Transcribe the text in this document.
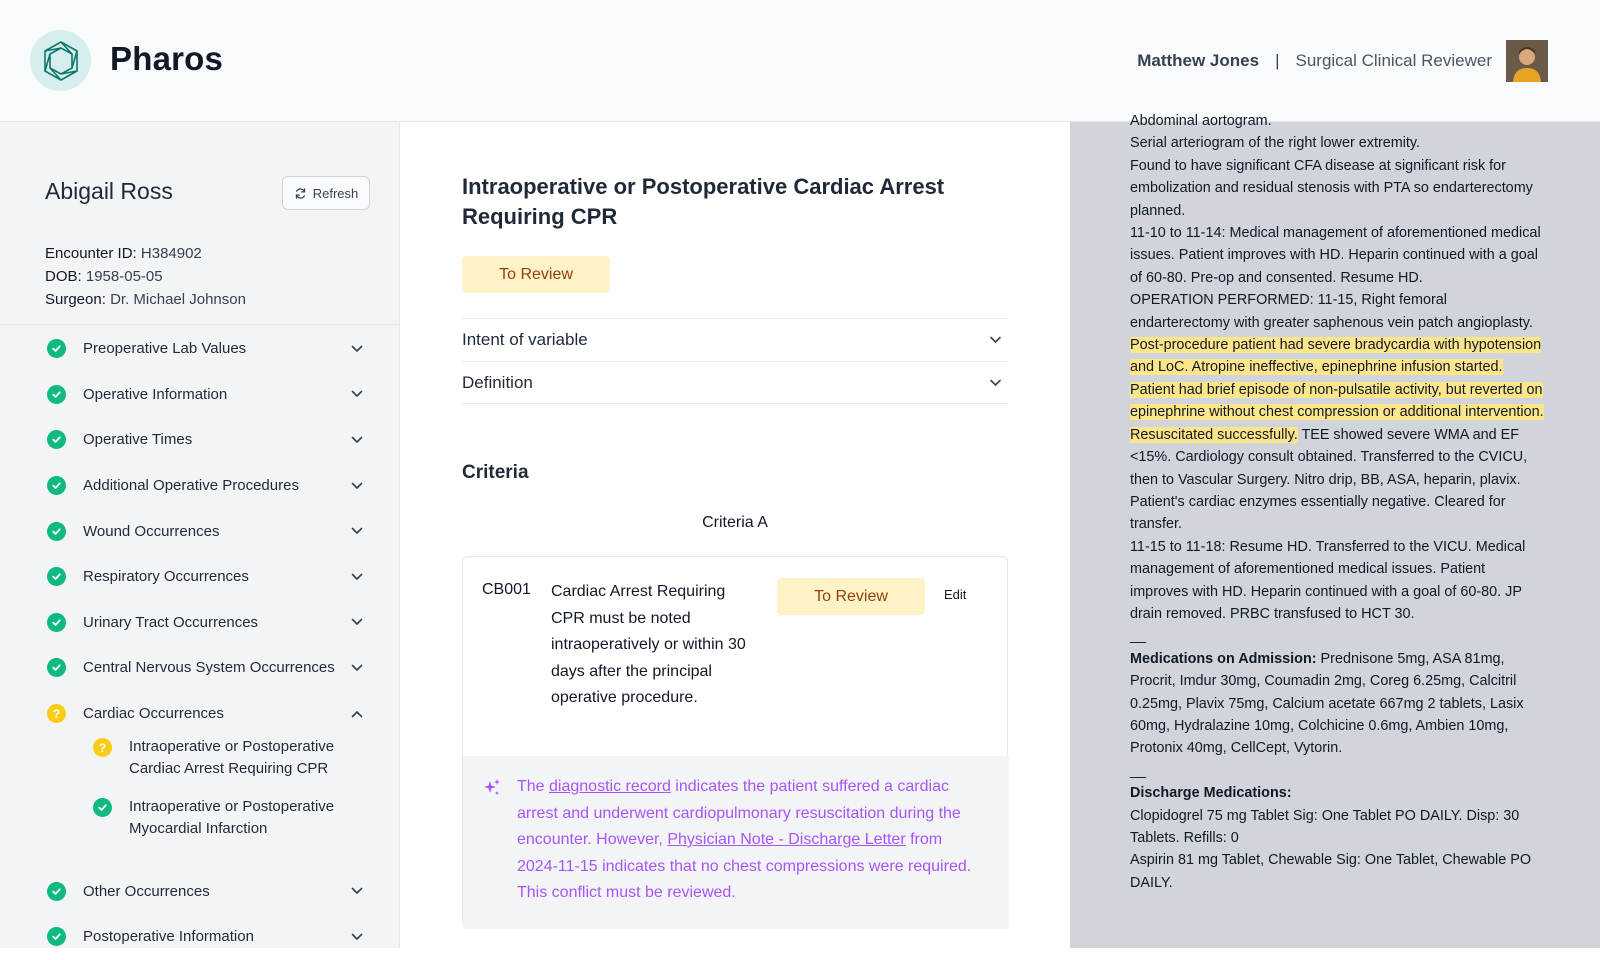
Pharos	Matthew Jones | Surgical Clinical Reviewer
Abigail Ross	Refresh
Encounter ID: H384902
DOB: 1958-05-05
Surgeon: Dr. Michael Johnson
Preoperative Lab Values
Operative Information
Operative Times
Additional Operative Procedures
Wound Occurrences
Respiratory Occurrences
Urinary Tract Occurrences
Central Nervous System Occurrences
?	Cardiac Occurrences
?	Intraoperative or Postoperative Cardiac Arrest Requiring CPR
Intraoperative or Postoperative Myocardial Infarction
Other Occurrences
Postoperative Information
Intraoperative or Postoperative Cardiac Arrest Requiring CPR
To Review
Intent of variable
Definition
Criteria
Criteria A
CB001 Cardiac Arrest Requiring CPR must be noted intraoperatively or within 30 days after the principal operative procedure.
To Review	Edit
The diagnostic record indicates the patient suffered a cardiac arrest and underwent cardiopulmonary resuscitation during the encounter. However, Physician Note - Discharge Letter from 2024-11-15 indicates that no chest compressions were required. This conflict must be reviewed.

Abdominal aortogram.

Serial arteriogram of the right lower extremity.

Found to have significant CFA disease at significant risk for embolization and residual stenosis with PTA so endarterectomy planned.

11-10 to 11-14: Medical management of aforementioned medical issues. Patient improves with HD. Heparin continued with a goal of 60-80. Pre-op and consented. Resume HD.

OPERATION PERFORMED: 11-15, Right femoral endarterectomy with greater saphenous vein patch angioplasty. Post-procedure patient had severe bradycardia with hypotension and LoC. Atropine ineffective, epinephrine infusion started. Patient had brief episode of non-pulsatile activity, but reverted on epinephrine without chest compression or additional intervention. Resuscitated successfully. TEE showed severe WMA and EF <15%. Cardiology consult obtained. Transferred to the CVICU, then to Vascular Surgery. Nitro drip, BB, ASA, heparin, plavix. Patient's cardiac enzymes essentially negative. Cleared for transfer.

11-15 to 11-18: Resume HD. Transferred to the VICU. Medical management of aforementioned medical issues. Patient improves with HD. Heparin continued with a goal of 60-80. JP drain removed. PRBC transfused to HCT 30.

__

Medications on Admission: Prednisone 5mg, ASA 81mg, Procrit, Imdur 30mg, Coumadin 2mg, Coreg 6.25mg, Calcitril 0.25mg, Plavix 75mg, Calcium acetate 667mg 2 tablets, Lasix 60mg, Hydralazine 10mg, Colchicine 0.6mg, Ambien 10mg, Protonix 40mg, CellCept, Vytorin.

__

Discharge Medications:

Clopidogrel 75 mg Tablet Sig: One Tablet PO DAILY. Disp: 30 Tablets. Refills: 0

Aspirin 81 mg Tablet, Chewable Sig: One Tablet, Chewable PO DAILY.
